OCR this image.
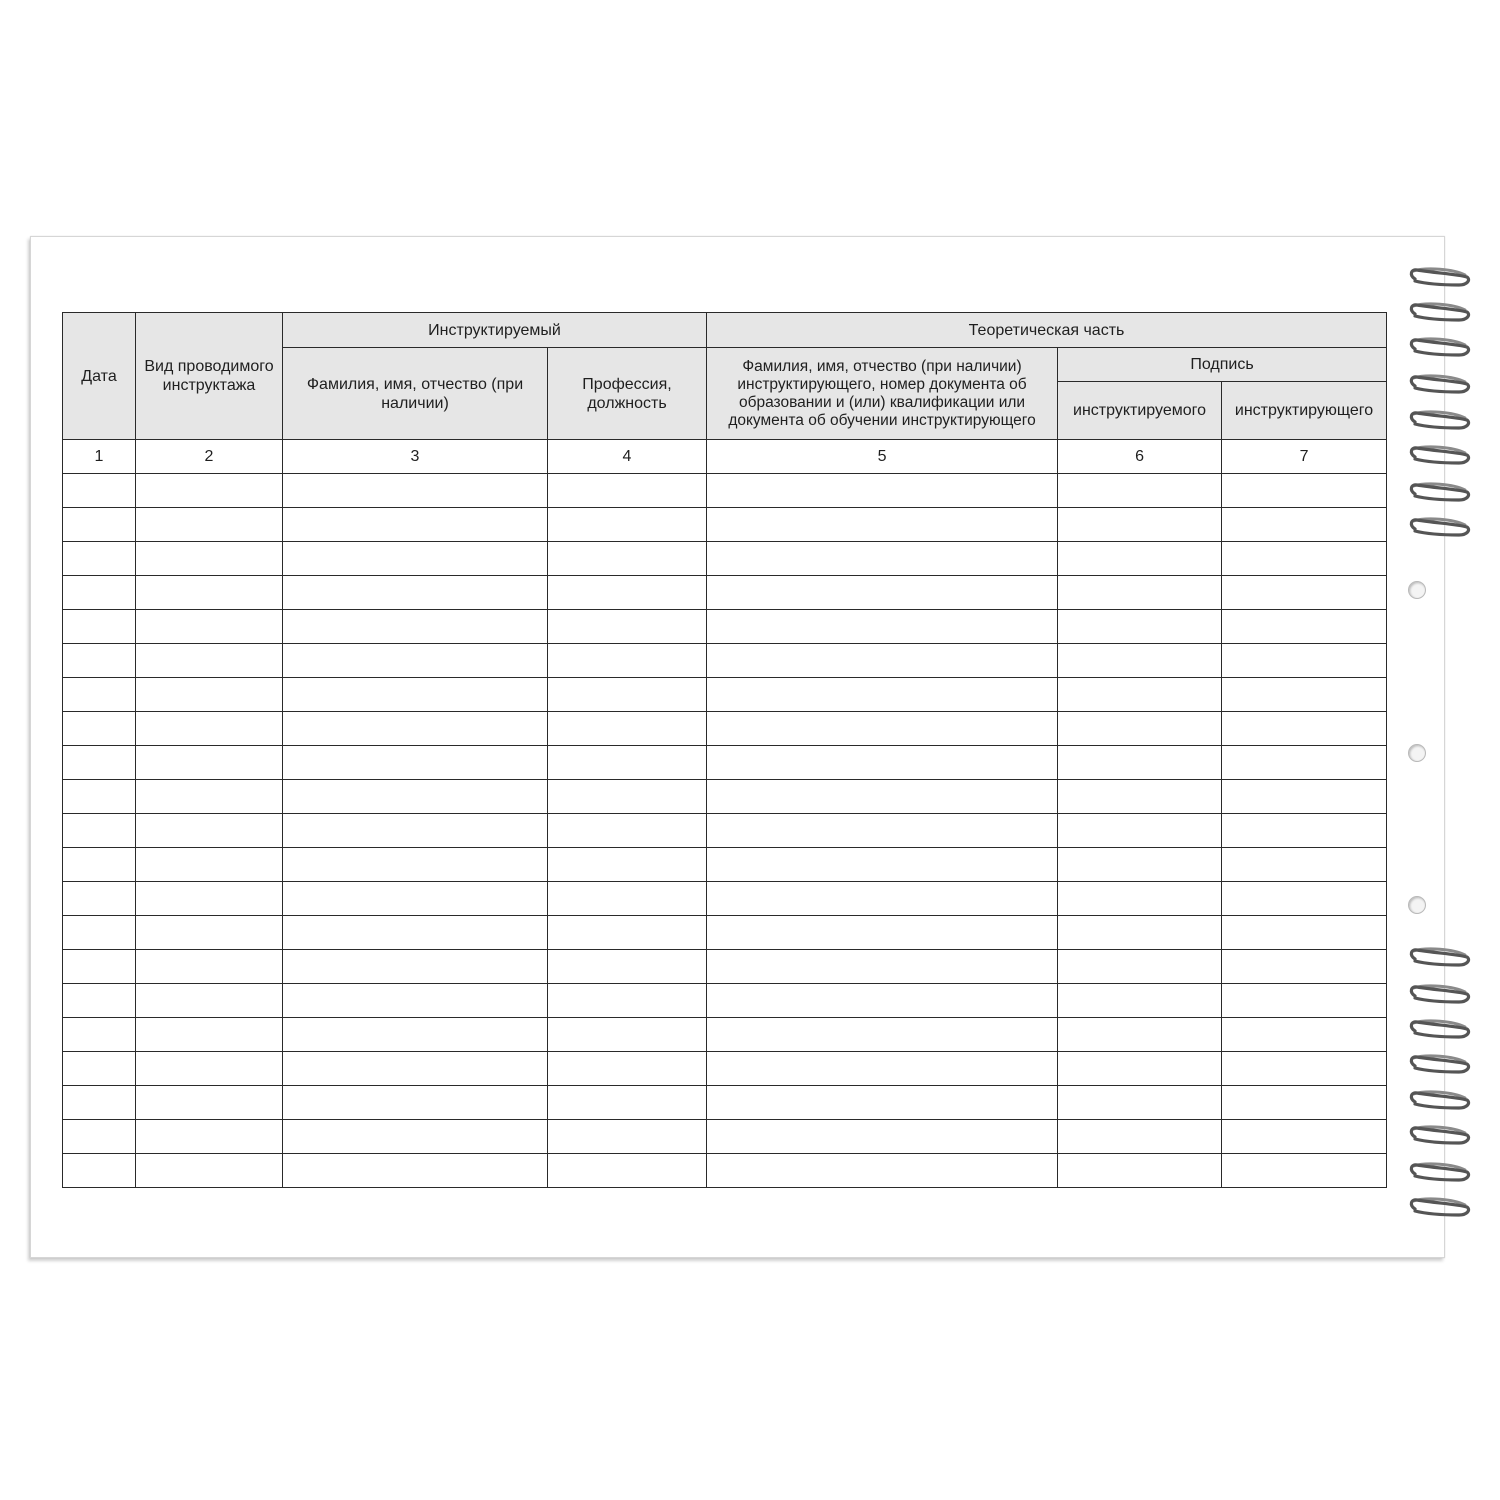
Дата	Вид проводимого инструктажа	Инструктируемый		Теоретическая часть		
		Фамилия, имя, отчество (при наличии)	Профессия, должность	Фамилия, имя, отчество (при наличии) инструктирующего, номер документа об образовании и (или) квалификации или документа об обучении инструктирующего	Подпись	
					инструктируемого	инструктирующего
1	2	3	4	5	6	7
